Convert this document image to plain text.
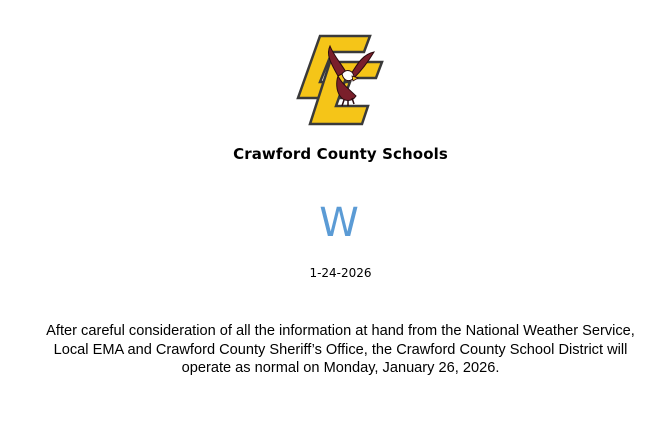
Crawford County Schools
W
1-24-2026
After careful consideration of all the information at hand from the National Weather Service, Local EMA and Crawford County Sheriff’s Office, the Crawford County School District will operate as normal on Monday, January 26, 2026.
